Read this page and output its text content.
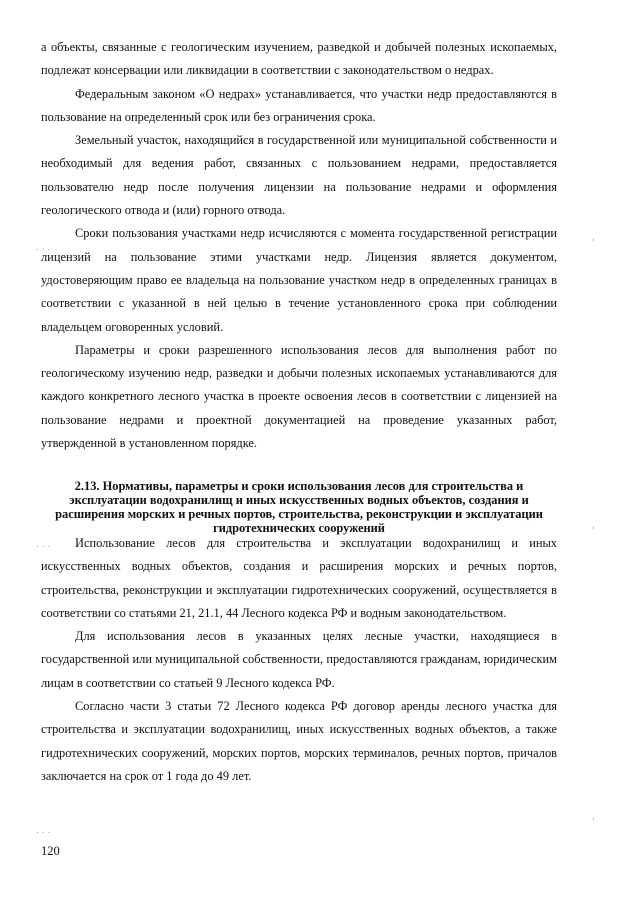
а объекты, связанные с геологическим изучением, разведкой и добычей полезных ископаемых, подлежат консервации или ликвидации в соответствии с законодательством о недрах.

Федеральным законом «О недрах» устанавливается, что участки недр предоставляются в пользование на определенный срок или без ограничения срока.

Земельный участок, находящийся в государственной или муниципальной собственности и необходимый для ведения работ, связанных с пользованием недрами, предоставляется пользователю недр после получения лицензии на пользование недрами и оформления геологического отвода и (или) горного отвода.

Сроки пользования участками недр исчисляются с момента государственной регистрации лицензий на пользование этими участками недр. Лицензия является документом, удостоверяющим право ее владельца на пользование участком недр в определенных границах в соответствии с указанной в ней целью в течение установленного срока при соблюдении владельцем оговоренных условий.

Параметры и сроки разрешенного использования лесов для выполнения работ по геологическому изучению недр, разведки и добычи полезных ископаемых устанавливаются для каждого конкретного лесного участка в проекте освоения лесов в соответствии с лицензией на пользование недрами и проектной документацией на проведение указанных работ, утвержденной в установленном порядке.

2.13. Нормативы, параметры и сроки использования лесов для строительства и эксплуатации водохранилищ и иных искусственных водных объектов, создания и расширения морских и речных портов, строительства, реконструкции и эксплуатации гидротехнических сооружений

Использование лесов для строительства и эксплуатации водохранилищ и иных искусственных водных объектов, создания и расширения морских и речных портов, строительства, реконструкции и эксплуатации гидротехнических сооружений, осуществляется в соответствии со статьями 21, 21.1, 44 Лесного кодекса РФ и водным законодательством.

Для использования лесов в указанных целях лесные участки, находящиеся в государственной или муниципальной собственности, предоставляются гражданам, юридическим лицам в соответствии со статьей 9 Лесного кодекса РФ.

Согласно части 3 статьи 72 Лесного кодекса РФ договор аренды лесного участка для строительства и эксплуатации водохранилищ, иных искусственных водных объектов, а также гидротехнических сооружений, морских портов, морских терминалов, речных портов, причалов заключается на срок от 1 года до 49 лет.

120
. . .
. . .
. . .
,
,
,
